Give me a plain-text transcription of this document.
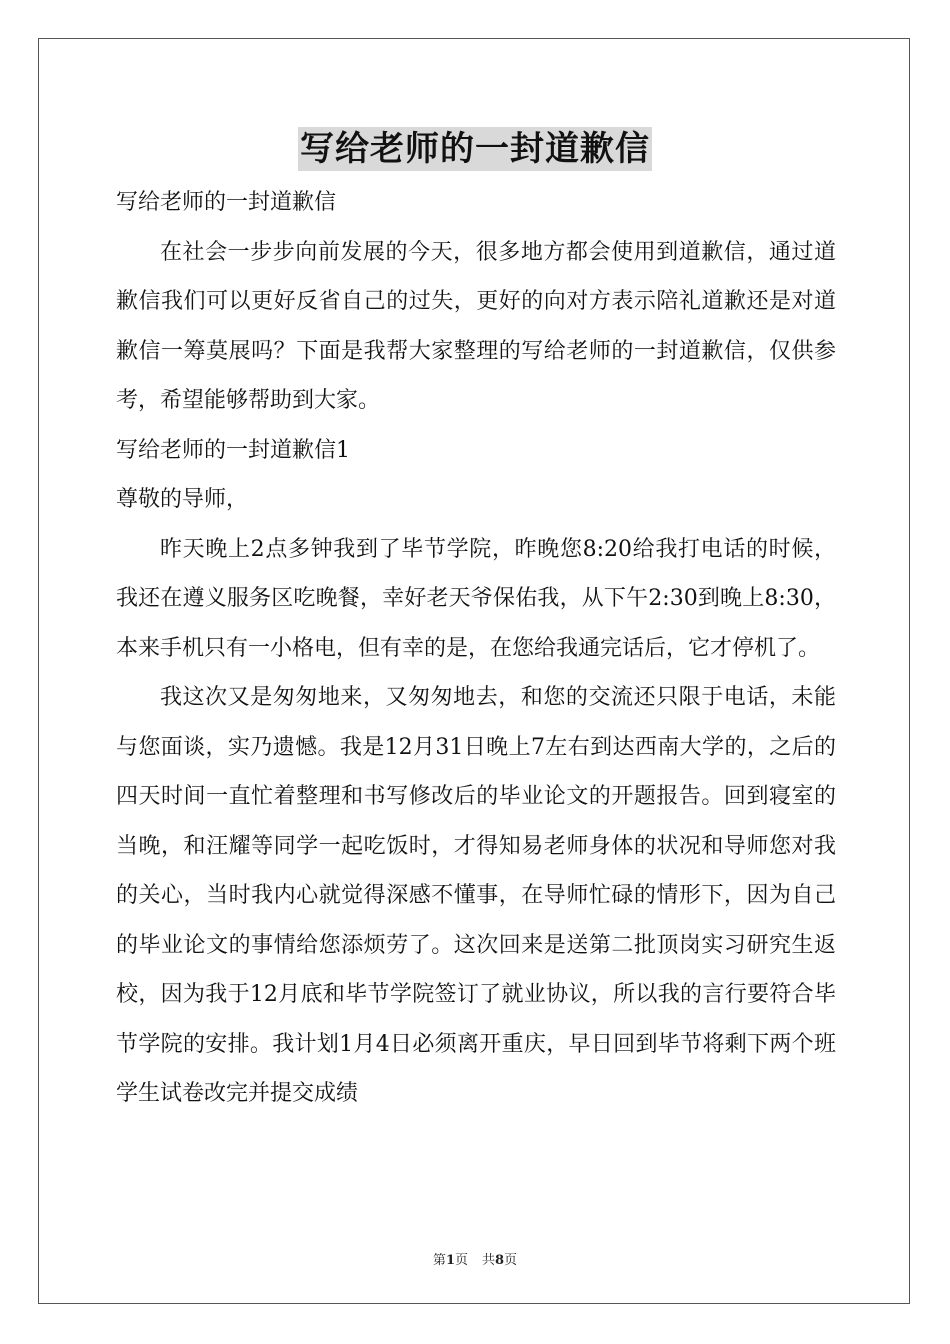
写给老师的一封道歉信

写给老师的一封道歉信

在社会一步步向前发展的今天，很多地方都会使用到道歉信，通过道歉信我们可以更好反省自己的过失，更好的向对方表示陪礼道歉还是对道歉信一筹莫展吗？下面是我帮大家整理的写给老师的一封道歉信，仅供参考，希望能够帮助到大家。

写给老师的一封道歉信1

尊敬的导师，

昨天晚上2点多钟我到了毕节学院，昨晚您8:20给我打电话的时候，我还在遵义服务区吃晚餐，幸好老天爷保佑我，从下午2:30到晚上8:30，本来手机只有一小格电，但有幸的是，在您给我通完话后，它才停机了。

我这次又是匆匆地来，又匆匆地去，和您的交流还只限于电话，未能与您面谈，实乃遗憾。我是12月31日晚上7左右到达西南大学的，之后的四天时间一直忙着整理和书写修改后的毕业论文的开题报告。回到寝室的当晚，和汪耀等同学一起吃饭时，才得知易老师身体的状况和导师您对我的关心，当时我内心就觉得深感不懂事，在导师忙碌的情形下，因为自己的毕业论文的事情给您添烦劳了。这次回来是送第二批顶岗实习研究生返校，因为我于12月底和毕节学院签订了就业协议，所以我的言行要符合毕节学院的安排。我计划1月4日必须离开重庆，早日回到毕节将剩下两个班学生试卷改完并提交成绩

第1页 共8页
